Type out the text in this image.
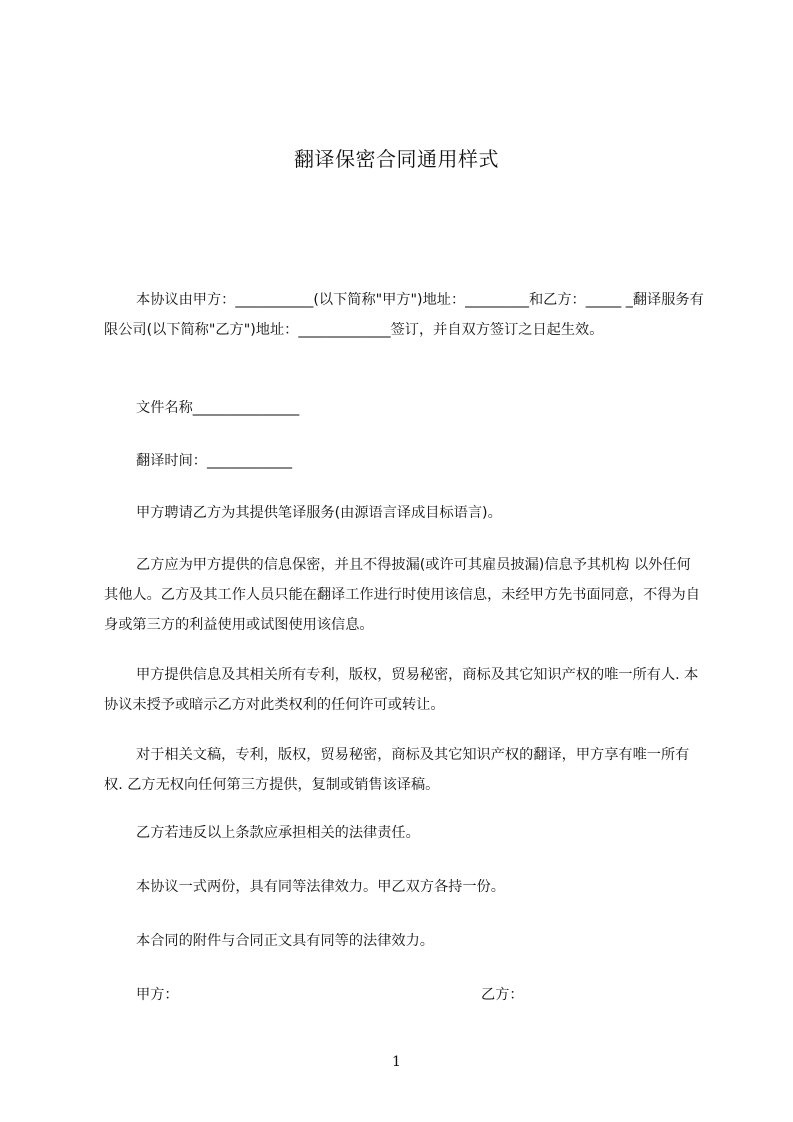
翻译保密合同通用样式

本协议由甲方：___________(以下简称"甲方")地址：_________和乙方：_____ _翻译服务有限公司(以下简称"乙方")地址：_____________签订，并自双方签订之日起生效。

文件名称_______________

翻译时间：____________

甲方聘请乙方为其提供笔译服务(由源语言译成目标语言)。

乙方应为甲方提供的信息保密，并且不得披漏(或许可其雇员披漏)信息予其机构 以外任何其他人。乙方及其工作人员只能在翻译工作进行时使用该信息，未经甲方先书面同意，不得为自身或第三方的利益使用或试图使用该信息。

甲方提供信息及其相关所有专利，版权，贸易秘密，商标及其它知识产权的唯一所有人. 本协议未授予或暗示乙方对此类权利的任何许可或转让。

对于相关文稿，专利，版权，贸易秘密，商标及其它知识产权的翻译，甲方享有唯一所有权. 乙方无权向任何第三方提供，复制或销售该译稿。

乙方若违反以上条款应承担相关的法律责任。

本协议一式两份，具有同等法律效力。甲乙双方各持一份。

本合同的附件与合同正文具有同等的法律效力。

甲方：	乙方：
1
